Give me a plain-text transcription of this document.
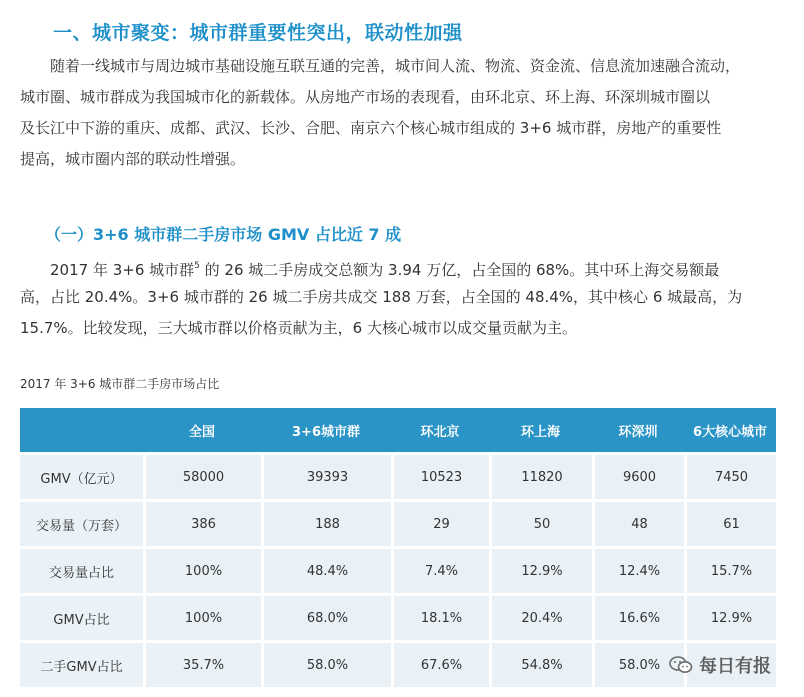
一、城市聚变：城市群重要性突出，联动性加强
　　随着一线城市与周边城市基础设施互联互通的完善，城市间人流、物流、资金流、信息流加速融合流动，
城市圈、城市群成为我国城市化的新载体。从房地产市场的表现看，由环北京、环上海、环深圳城市圈以
及长江中下游的重庆、成都、武汉、长沙、合肥、南京六个核心城市组成的 3+6 城市群，房地产的重要性
提高，城市圈内部的联动性增强。
（一）3+6 城市群二手房市场 GMV 占比近 7 成
　　2017 年 3+6 城市群$^5$ 的 26 城二手房成交总额为 3.94 万亿，占全国的 68%。其中环上海交易额最
高，占比 20.4%。3+6 城市群的 26 城二手房共成交 188 万套，占全国的 48.4%，其中核心 6 城最高，为
15.7%。比较发现，三大城市群以价格贡献为主，6 大核心城市以成交量贡献为主。
2017 年 3+6 城市群二手房市场占比
	全国	3+6城市群	环北京	环上海	环深圳	6大核心城市
GMV（亿元）	58000	39393	10523	11820	9600	7450
交易量（万套）	386	188	29	50	48	61
交易量占比	100%	48.4%	7.4%	12.9%	12.4%	15.7%
GMV占比	100%	68.0%	18.1%	20.4%	16.6%	12.9%
二手GMV占比	35.7%	58.0%	67.6%	54.8%	58.0%	每日有报
